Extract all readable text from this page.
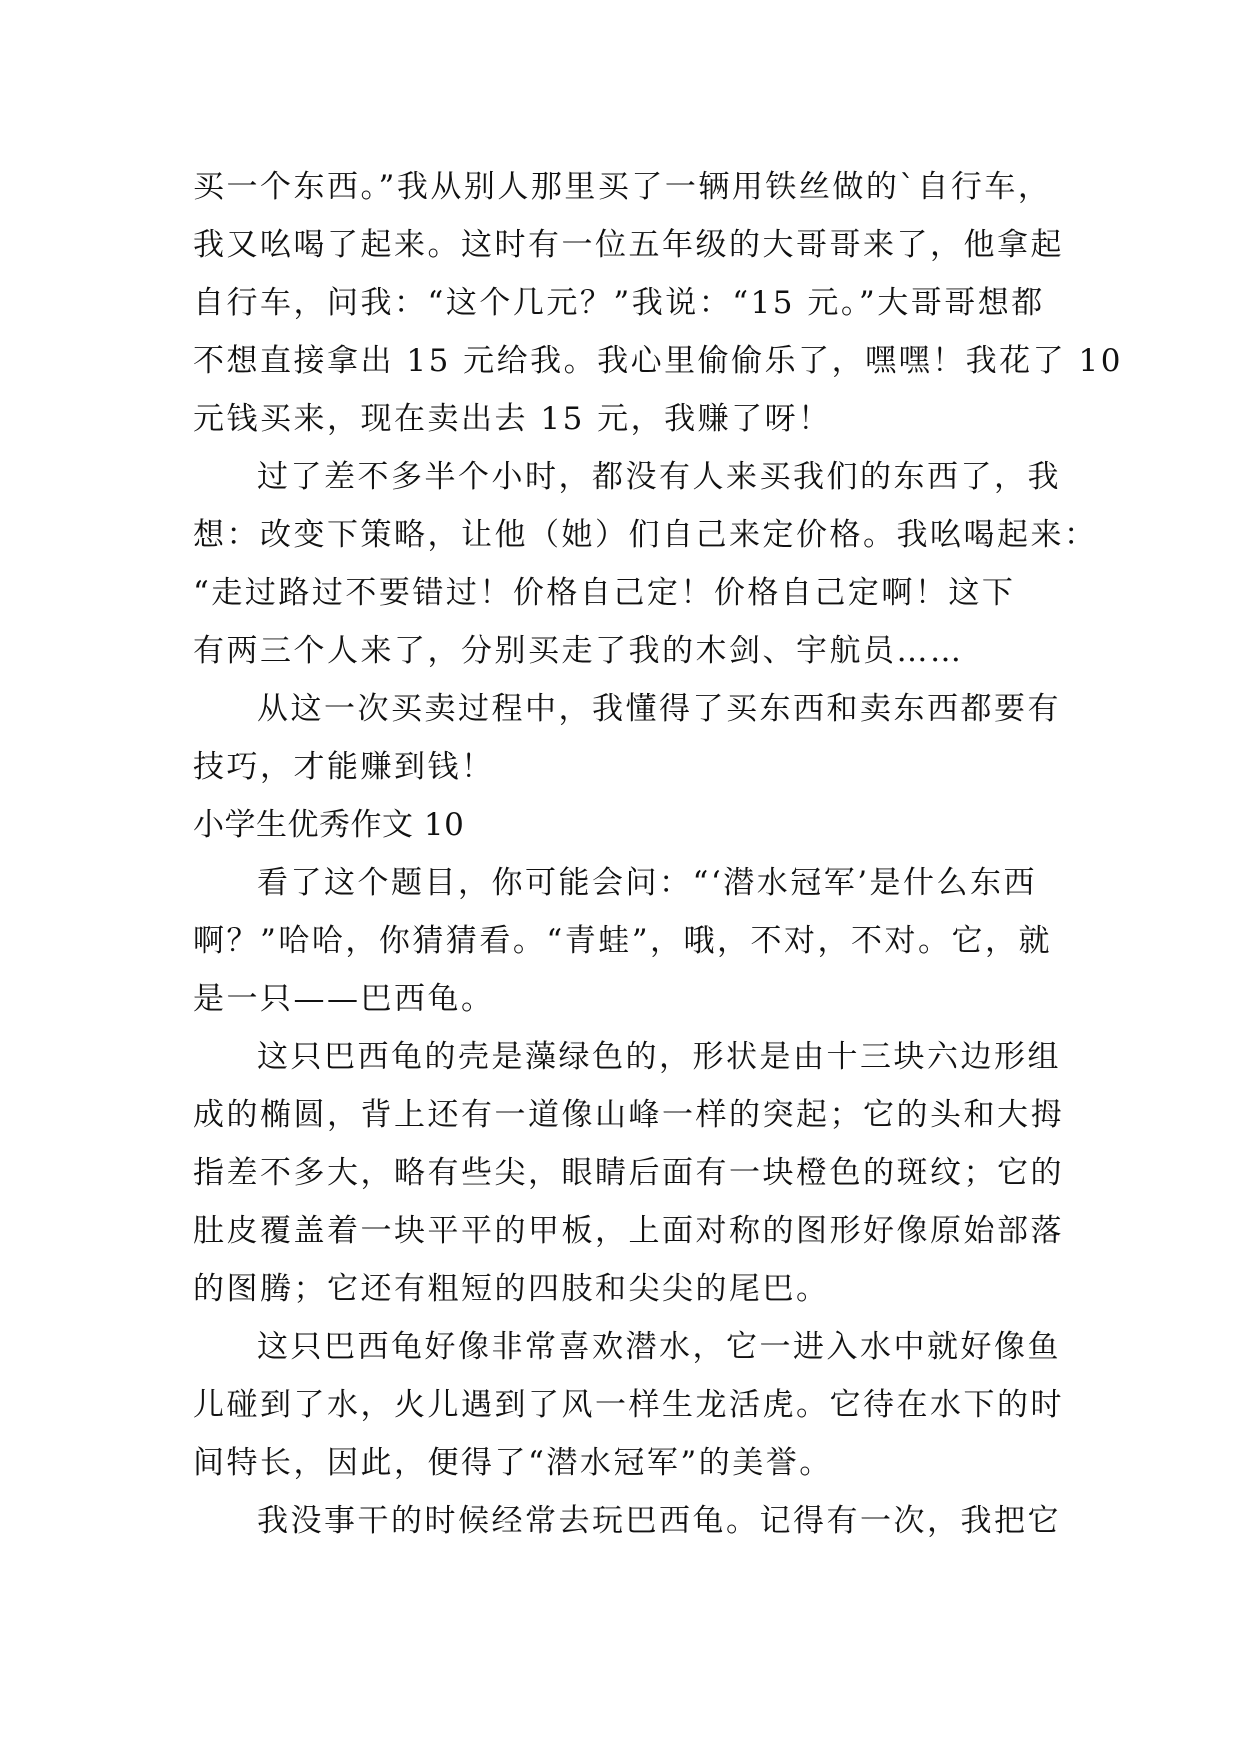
买一个东西。”我从别人那里买了一辆用铁丝做的`自行车，
我又吆喝了起来。这时有一位五年级的大哥哥来了，他拿起
自行车，问我：“这个几元？”我说：“15 元。”大哥哥想都
不想直接拿出 15 元给我。我心里偷偷乐了，嘿嘿！我花了 10
元钱买来，现在卖出去 15 元，我赚了呀！
过了差不多半个小时，都没有人来买我们的东西了，我
想：改变下策略，让他（她）们自己来定价格。我吆喝起来：
“走过路过不要错过！价格自己定！价格自己定啊！这下
有两三个人来了，分别买走了我的木剑、宇航员……
从这一次买卖过程中，我懂得了买东西和卖东西都要有
技巧，才能赚到钱！
小学生优秀作文 10
看了这个题目，你可能会问：“‘潜水冠军’是什么东西
啊？”哈哈，你猜猜看。“青蛙”，哦，不对，不对。它，就
是一只——巴西龟。
这只巴西龟的壳是藻绿色的，形状是由十三块六边形组
成的椭圆，背上还有一道像山峰一样的突起；它的头和大拇
指差不多大，略有些尖，眼睛后面有一块橙色的斑纹；它的
肚皮覆盖着一块平平的甲板，上面对称的图形好像原始部落
的图腾；它还有粗短的四肢和尖尖的尾巴。
这只巴西龟好像非常喜欢潜水，它一进入水中就好像鱼
儿碰到了水，火儿遇到了风一样生龙活虎。它待在水下的时
间特长，因此，便得了“潜水冠军”的美誉。
我没事干的时候经常去玩巴西龟。记得有一次，我把它
